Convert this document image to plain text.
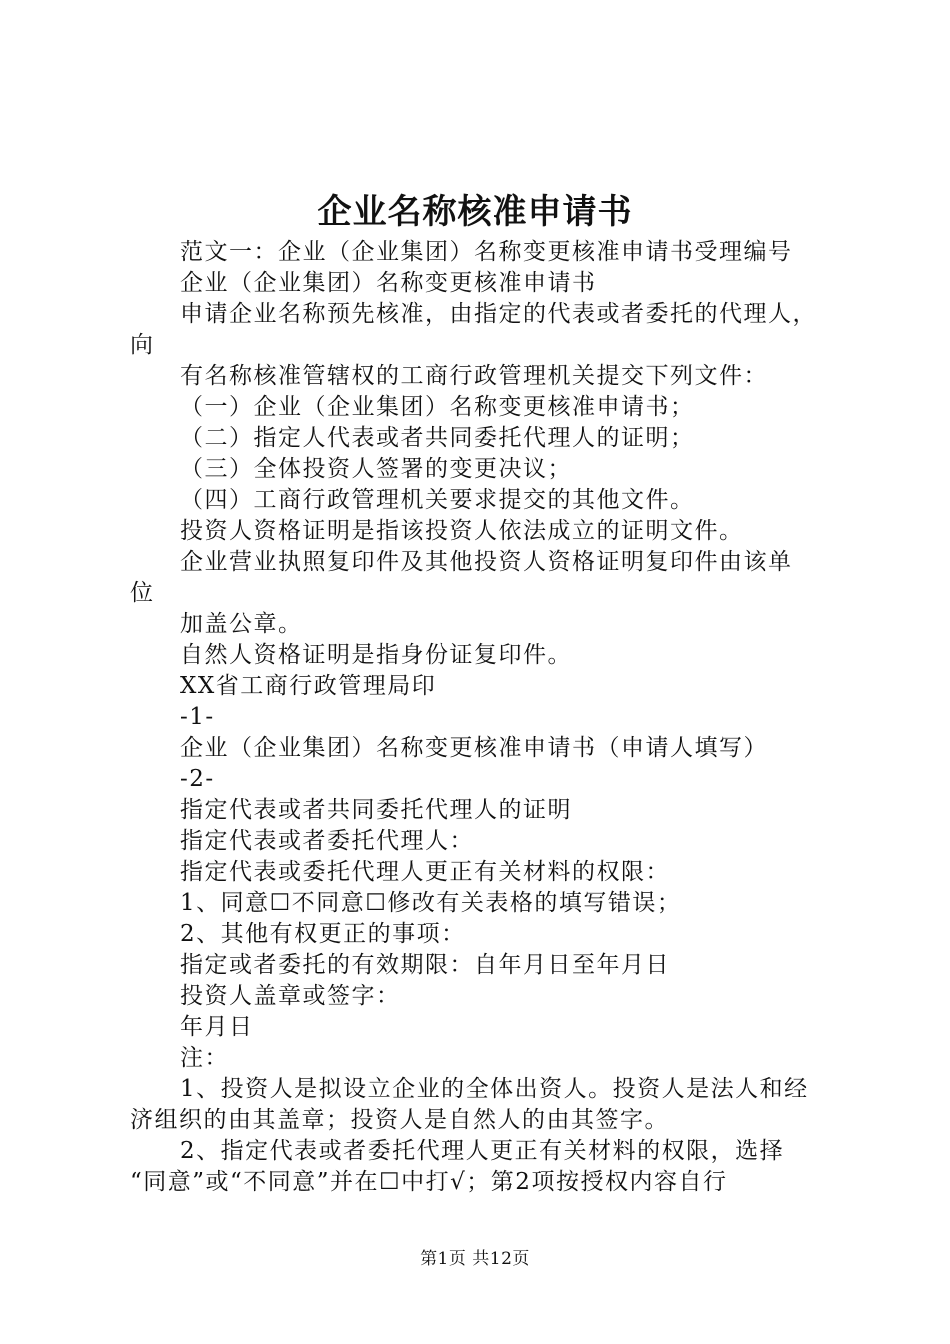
企业名称核准申请书
范文一：企业（企业集团）名称变更核准申请书受理编号
企业（企业集团）名称变更核准申请书
申请企业名称预先核准，由指定的代表或者委托的代理人，
向
有名称核准管辖权的工商行政管理机关提交下列文件：
（一）企业（企业集团）名称变更核准申请书；
（二）指定人代表或者共同委托代理人的证明；
（三）全体投资人签署的变更决议；
（四）工商行政管理机关要求提交的其他文件。
投资人资格证明是指该投资人依法成立的证明文件。
企业营业执照复印件及其他投资人资格证明复印件由该单
位
加盖公章。
自然人资格证明是指身份证复印件。
XX省工商行政管理局印
-1-
企业（企业集团）名称变更核准申请书（申请人填写）
-2-
指定代表或者共同委托代理人的证明
指定代表或者委托代理人：
指定代表或委托代理人更正有关材料的权限：
1、同意☐不同意☐修改有关表格的填写错误；
2、其他有权更正的事项：
指定或者委托的有效期限：自年月日至年月日
投资人盖章或签字：
年月日
注：
1、投资人是拟设立企业的全体出资人。投资人是法人和经
济组织的由其盖章；投资人是自然人的由其签字。
2、指定代表或者委托代理人更正有关材料的权限，选择
“同意”或“不同意”并在☐中打√；第2项按授权内容自行
第1页 共12页
